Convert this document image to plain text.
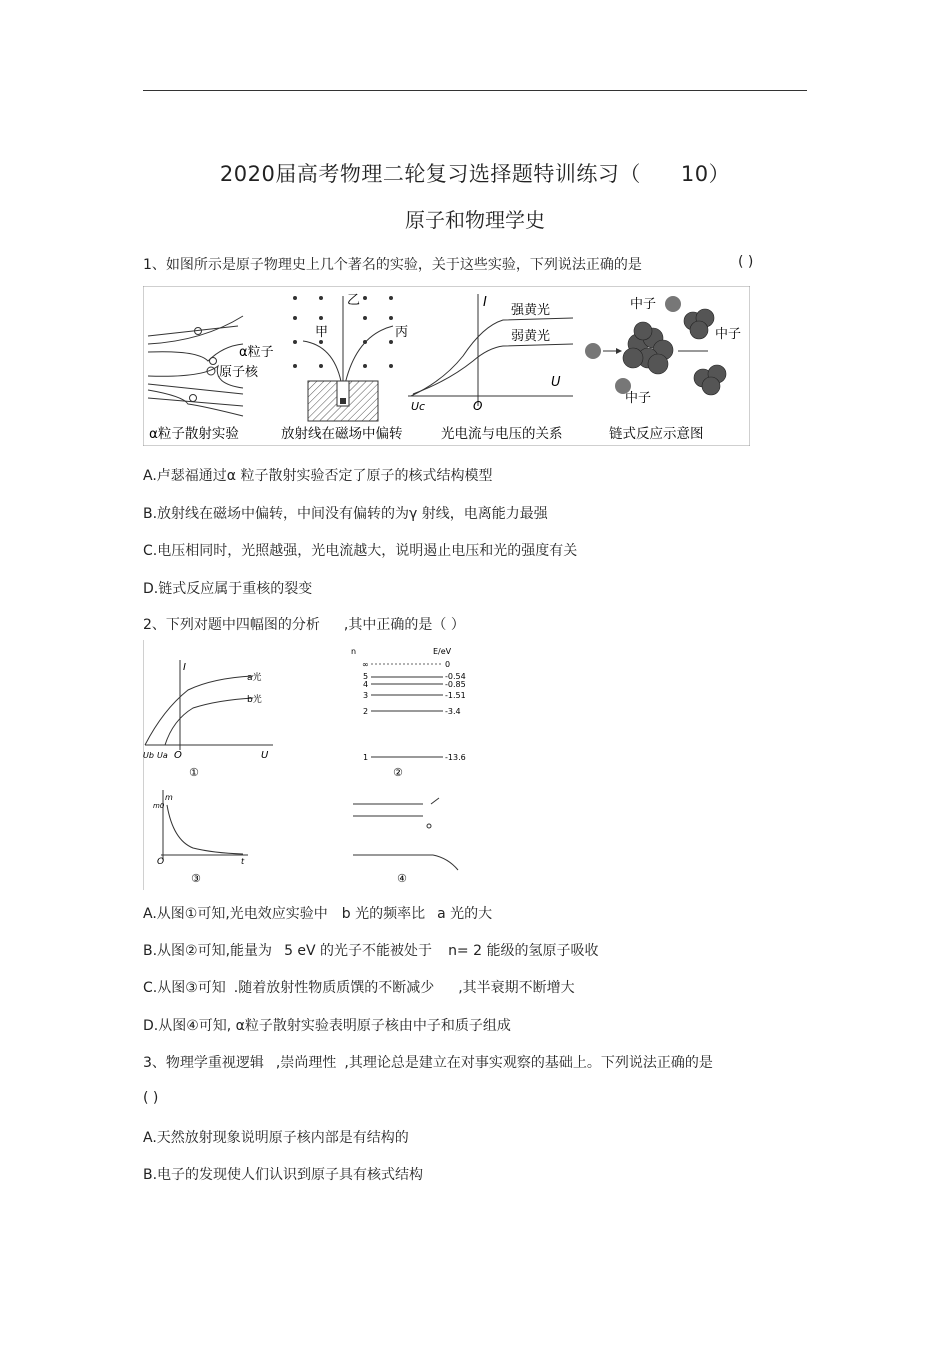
2020届高考物理二轮复习选择题特训练习（ 10）
原子和物理学史
1、如图所示是原子物理史上几个著名的实验，关于这些实验，下列说法正确的是	( )
α粒子
原子核
甲
乙
丙
I
U
O
Uc
强黄光
弱黄光
中子
中子
中子
α粒子散射实验	放射线在磁场中偏转	光电流与电压的关系	链式反应示意图
A.卢瑟福通过α 粒子散射实验否定了原子的核式结构模型
B.放射线在磁场中偏转，中间没有偏转的为γ 射线，电离能力最强
C.电压相同时，光照越强，光电流越大，说明遏止电压和光的强度有关
D.链式反应属于重核的裂变
2、下列对题中四幅图的分析 ,其中正确的是（ ）
I
a光
b光
U
O
Ub Ua
①
n	E/eV
∞	0
5	-0.54
4	-0.85
3	-1.51
2	-3.4
1	-13.6
②
m
m0
O	t
③	④
A.从图①可知,光电效应实验中 b 光的频率比 a 光的大
B.从图②可知,能量为 5 eV 的光子不能被处于 n= 2 能级的氢原子吸收
C.从图③可知 .随着放射性物质质馔的不断减少 ,其半衰期不断增大
D.从图④可知, α粒子散射实验表明原子核由中子和质子组成
3、物理学重视逻辑 ,崇尚理性 ,其理论总是建立在对事实观察的基础上。下列说法正确的是
( )
A.天然放射现象说明原子核内部是有结构的
B.电子的发现使人们认识到原子具有核式结构
